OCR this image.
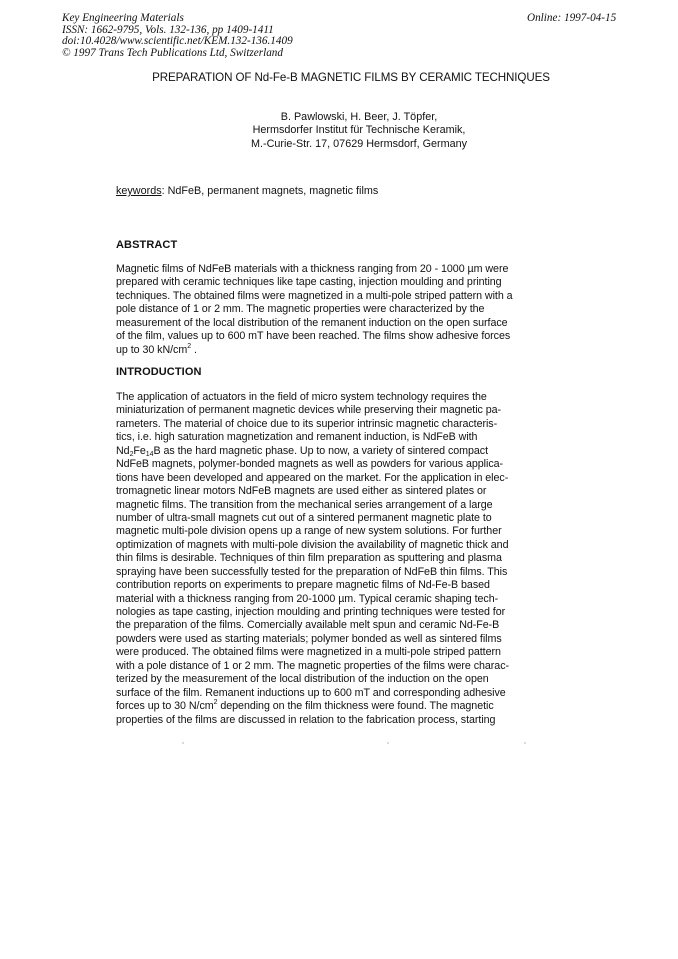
Key Engineering Materials
ISSN: 1662-9795, Vols. 132-136, pp 1409-1411
doi:10.4028/www.scientific.net/KEM.132-136.1409
© 1997 Trans Tech Publications Ltd, Switzerland
Online: 1997-04-15
PREPARATION OF Nd-Fe-B MAGNETIC FILMS BY CERAMIC TECHNIQUES
B. Pawlowski, H. Beer, J. Töpfer,
Hermsdorfer Institut für Technische Keramik,
M.-Curie-Str. 17, 07629 Hermsdorf, Germany
keywords: NdFeB, permanent magnets, magnetic films
ABSTRACT
Magnetic films of NdFeB materials with a thickness ranging from 20 - 1000 µm were
prepared with ceramic techniques like tape casting, injection moulding and printing
techniques. The obtained films were magnetized in a multi-pole striped pattern with a
pole distance of 1 or 2 mm. The magnetic properties were characterized by the
measurement of the local distribution of the remanent induction on the open surface
of the film, values up to 600 mT have been reached. The films show adhesive forces
up to 30 $kN/cm^2$ .
INTRODUCTION
The application of actuators in the field of micro system technology requires the
miniaturization of permanent magnetic devices while preserving their magnetic pa-
rameters. The material of choice due to its superior intrinsic magnetic characteris-
tics, i.e. high saturation magnetization and remanent induction, is NdFeB with
$Nd_2Fe_{14}B$ as the hard magnetic phase. Up to now, a variety of sintered compact
NdFeB magnets, polymer-bonded magnets as well as powders for various applica-
tions have been developed and appeared on the market. For the application in elec-
tromagnetic linear motors NdFeB magnets are used either as sintered plates or
magnetic films. The transition from the mechanical series arrangement of a large
number of ultra-small magnets cut out of a sintered permanent magnetic plate to
magnetic multi-pole division opens up a range of new system solutions. For further
optimization of magnets with multi-pole division the availability of magnetic thick and
thin films is desirable. Techniques of thin film preparation as sputtering and plasma
spraying have been successfully tested for the preparation of NdFeB thin films. This
contribution reports on experiments to prepare magnetic films of Nd-Fe-B based
material with a thickness ranging from 20-1000 µm. Typical ceramic shaping tech-
nologies as tape casting, injection moulding and printing techniques were tested for
the preparation of the films. Comercially available melt spun and ceramic Nd-Fe-B
powders were used as starting materials; polymer bonded as well as sintered films
were produced. The obtained films were magnetized in a multi-pole striped pattern
with a pole distance of 1 or 2 mm. The magnetic properties of the films were charac-
terized by the measurement of the local distribution of the induction on the open
surface of the film. Remanent inductions up to 600 mT and corresponding adhesive
forces up to 30 $N/cm^2$ depending on the film thickness were found. The magnetic
properties of the films are discussed in relation to the fabrication process, starting
